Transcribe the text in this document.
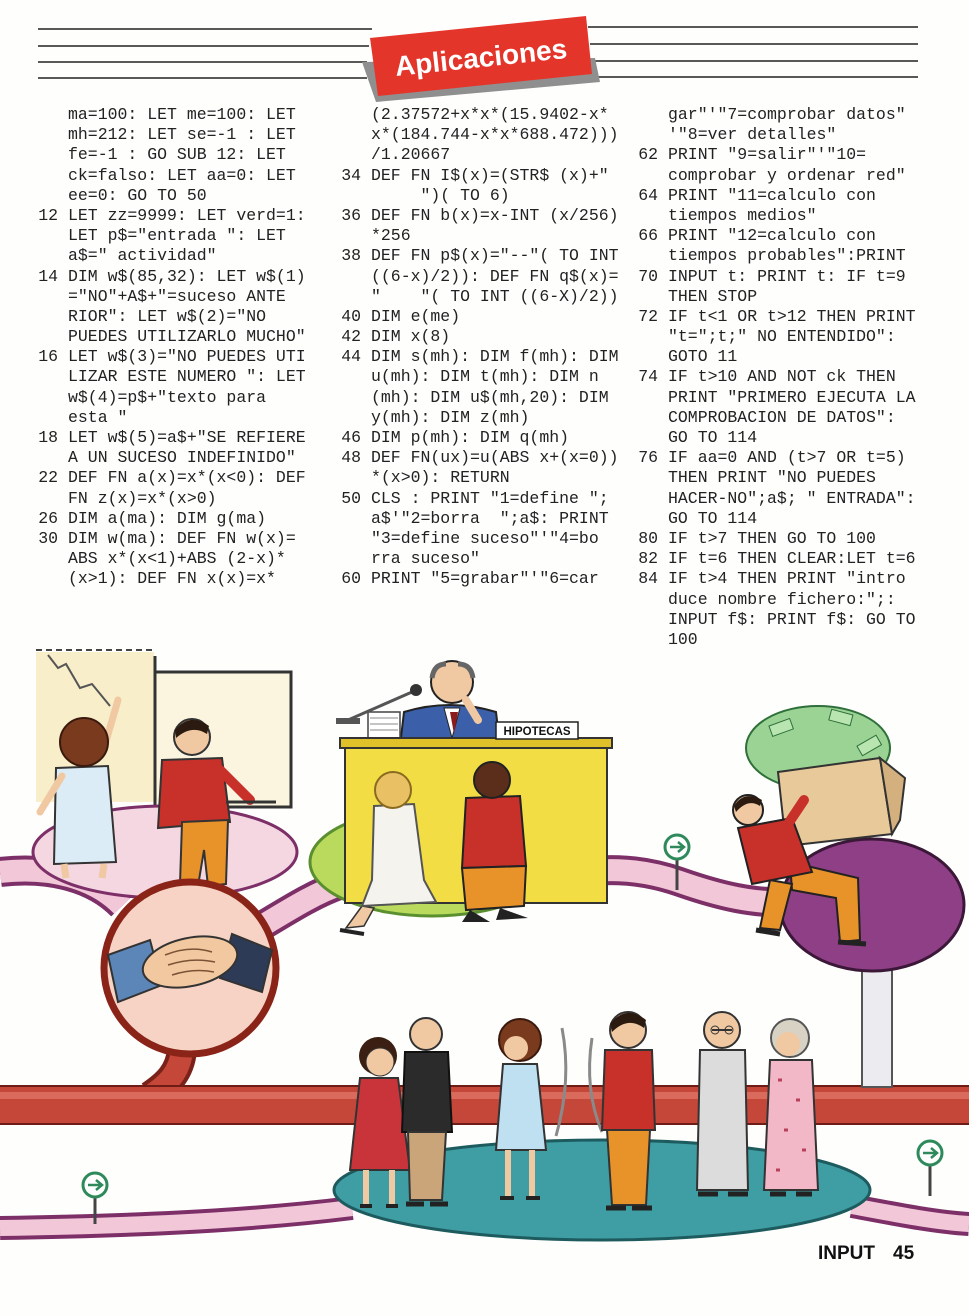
Aplicaciones
ma=100: LET me=100: LET
mh=212: LET se=-1 : LET
fe=-1 : GO SUB 12: LET
ck=falso: LET aa=0: LET
ee=0: GO TO 50
12 LET zz=9999: LET verd=1:
LET p$="entrada ": LET
a$=" actividad"
14 DIM w$(85,32): LET w$(1)
="NO"+A$+"=suceso ANTE
RIOR": LET w$(2)="NO
PUEDES UTILIZARLO MUCHO"
16 LET w$(3)="NO PUEDES UTI
LIZAR ESTE NUMERO ": LET
w$(4)=p$+"texto para
esta "
18 LET w$(5)=a$+"SE REFIERE
A UN SUCESO INDEFINIDO"
22 DEF FN a(x)=x*(x<0): DEF
FN z(x)=x*(x>0)
26 DIM a(ma): DIM g(ma)
30 DIM w(ma): DEF FN w(x)=
ABS x*(x<1)+ABS (2-x)*
(x>1): DEF FN x(x)=x*
(2.37572+x*x*(15.9402-x*
x*(184.744-x*x*688.472)))
/1.20667
34 DEF FN I$(x)=(STR$ (x)+"
")( TO 6)
36 DEF FN b(x)=x-INT (x/256)
*256
38 DEF FN p$(x)="--"( TO INT
((6-x)/2)): DEF FN q$(x)=
"    "( TO INT ((6-X)/2))
40 DIM e(me)
42 DIM x(8)
44 DIM s(mh): DIM f(mh): DIM
u(mh): DIM t(mh): DIM n
(mh): DIM u$(mh,20): DIM
y(mh): DIM z(mh)
46 DIM p(mh): DIM q(mh)
48 DEF FN(ux)=u(ABS x+(x=0))
*(x>0): RETURN
50 CLS : PRINT "1=define ";
a$'"2=borra  ";a$: PRINT
"3=define suceso"'"4=bo
rra suceso"
60 PRINT "5=grabar"'"6=car
gar"'"7=comprobar datos"
'"8=ver detalles"
62 PRINT "9=salir"'"10=
comprobar y ordenar red"
64 PRINT "11=calculo con
tiempos medios"
66 PRINT "12=calculo con
tiempos probables":PRINT
70 INPUT t: PRINT t: IF t=9
THEN STOP
72 IF t<1 OR t>12 THEN PRINT
"t=";t;" NO ENTENDIDO":
GOTO 11
74 IF t>10 AND NOT ck THEN
PRINT "PRIMERO EJECUTA LA
COMPROBACION DE DATOS":
GO TO 114
76 IF aa=0 AND (t>7 OR t=5)
THEN PRINT "NO PUEDES
HACER-NO";a$; " ENTRADA":
GO TO 114
80 IF t>7 THEN GO TO 100
82 IF t=6 THEN CLEAR:LET t=6
84 IF t>4 THEN PRINT "intro
duce nombre fichero:";:
INPUT f$: PRINT f$: GO TO
100
HIPOTECAS
INPUT 45
